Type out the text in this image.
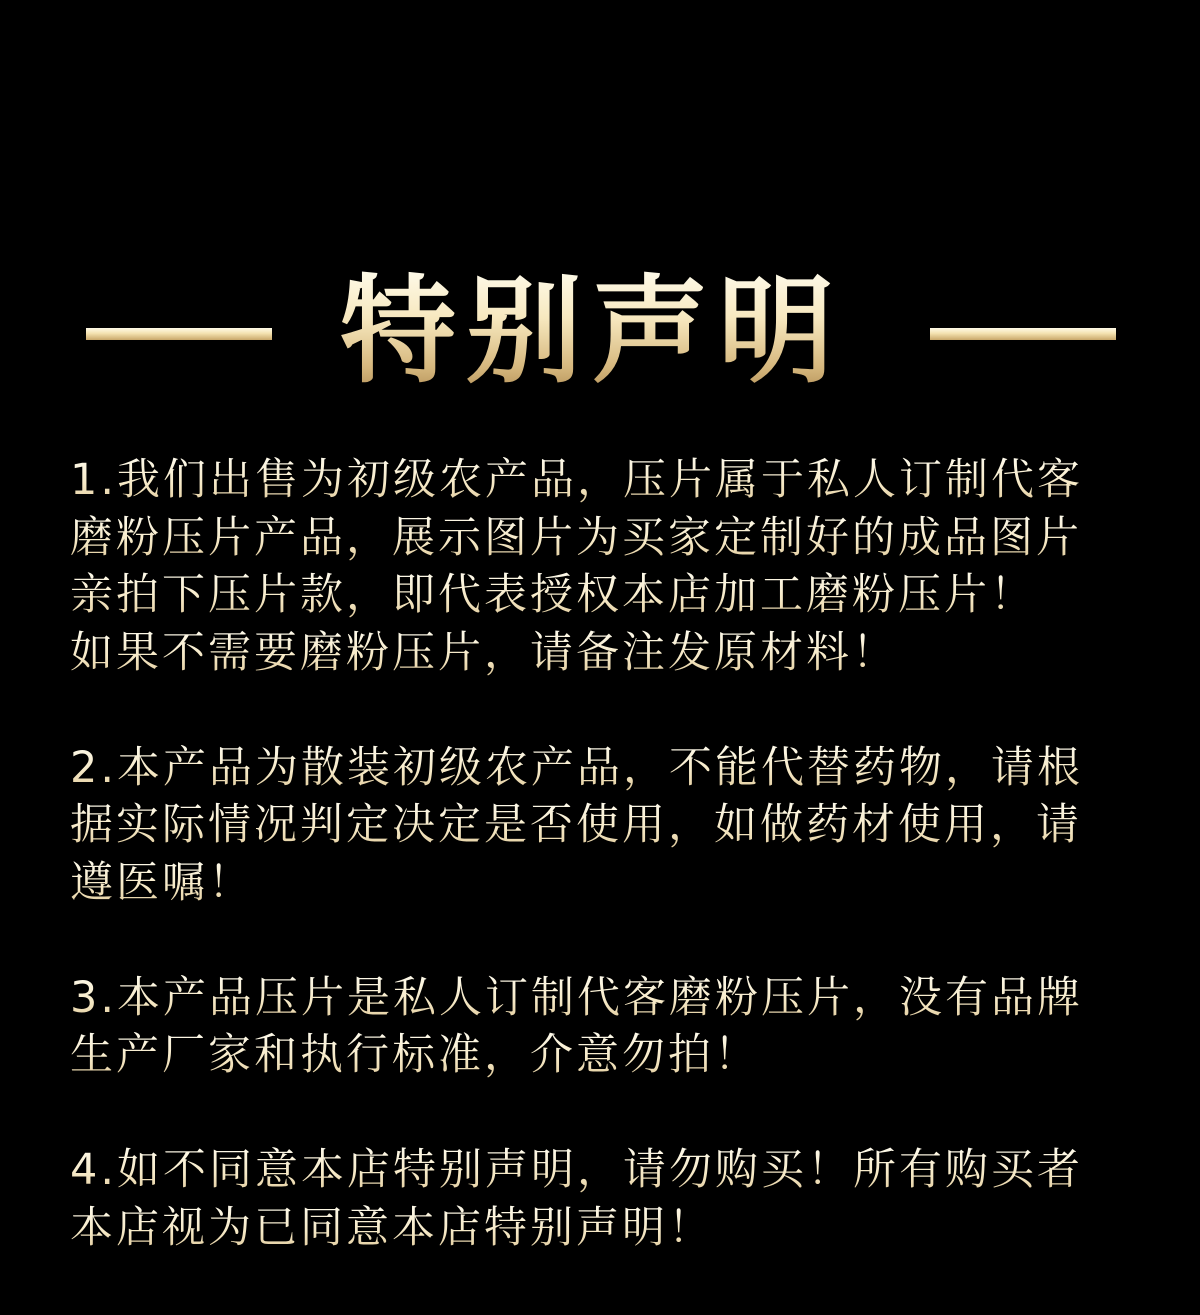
特别声明
1.我们出售为初级农产品，压片属于私人订制代客
磨粉压片产品，展示图片为买家定制好的成品图片
亲拍下压片款，即代表授权本店加工磨粉压片！
如果不需要磨粉压片，请备注发原材料！
2.本产品为散装初级农产品，不能代替药物，请根
据实际情况判定决定是否使用，如做药材使用，请
遵医嘱！
3.本产品压片是私人订制代客磨粉压片，没有品牌
生产厂家和执行标准，介意勿拍！
4.如不同意本店特别声明，请勿购买！所有购买者
本店视为已同意本店特别声明！
